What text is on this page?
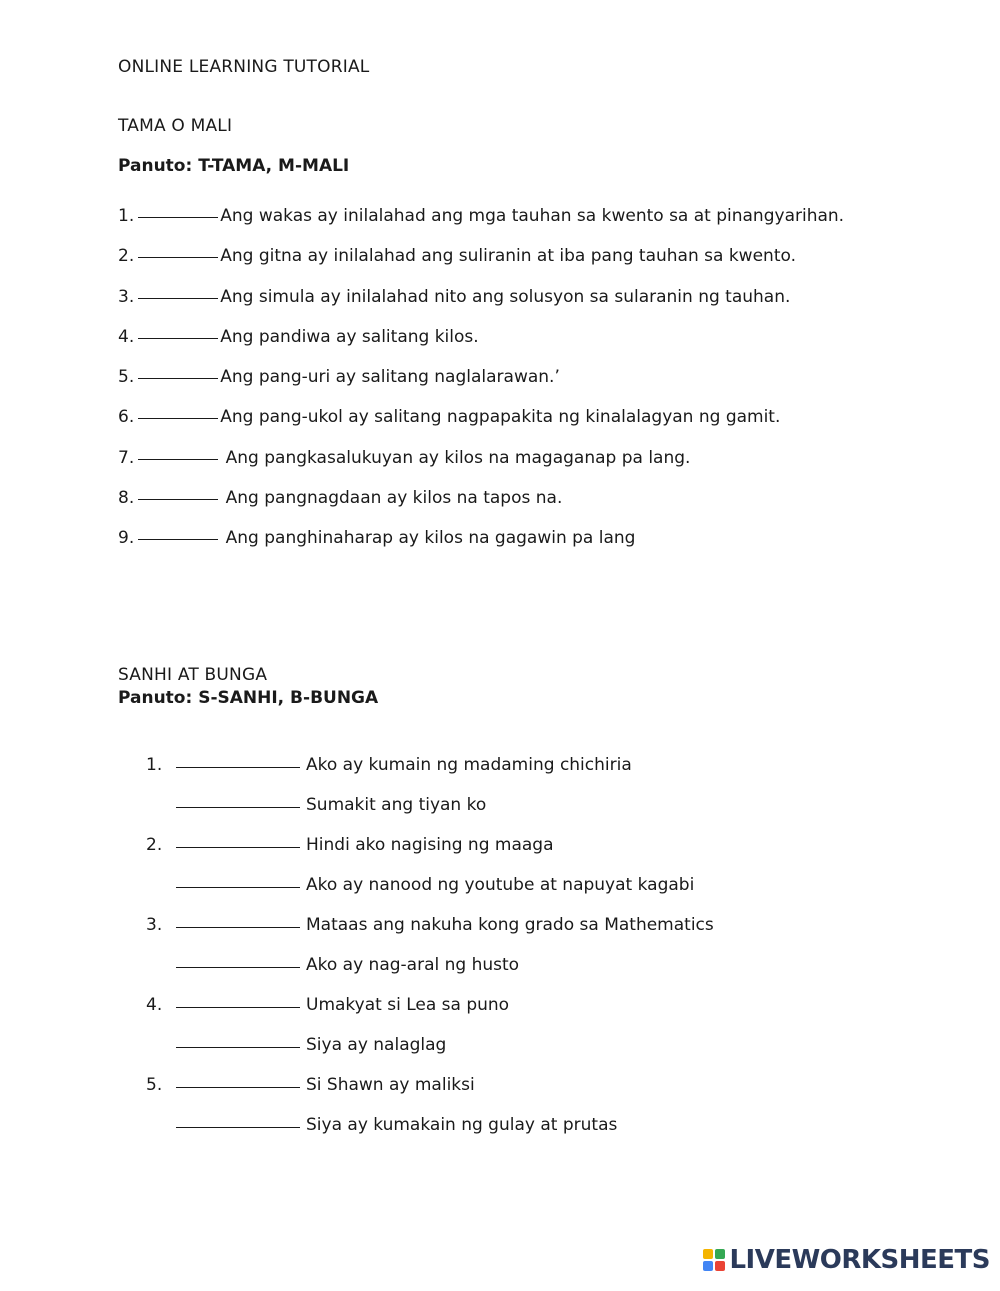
ONLINE LEARNING TUTORIAL
TAMA O MALI
Panuto: T-TAMA, M-MALI
1.	Ang wakas ay inilalahad ang mga tauhan sa kwento sa at pinangyarihan.
2.	Ang gitna ay inilalahad ang suliranin at iba pang tauhan sa kwento.
3.	Ang simula ay inilalahad nito ang solusyon sa sularanin ng tauhan.
4.	Ang pandiwa ay salitang kilos.
5.	Ang pang-uri ay salitang naglalarawan.’
6.	Ang pang-ukol ay salitang nagpapakita ng kinalalagyan ng gamit.
7.	Ang pangkasalukuyan ay kilos na magaganap pa lang.
8.	Ang pangnagdaan ay kilos na tapos na.
9.	Ang panghinaharap ay kilos na gagawin pa lang
SANHI AT BUNGA
Panuto: S-SANHI, B-BUNGA
1.	Ako ay kumain ng madaming chichiria
Sumakit ang tiyan ko
2.	Hindi ako nagising ng maaga
Ako ay nanood ng youtube at napuyat kagabi
3.	Mataas ang nakuha kong grado sa Mathematics
Ako ay nag-aral ng husto
4.	Umakyat si Lea sa puno
Siya ay nalaglag
5.	Si Shawn ay maliksi
Siya ay kumakain ng gulay at prutas
LIVEWORKSHEETS
